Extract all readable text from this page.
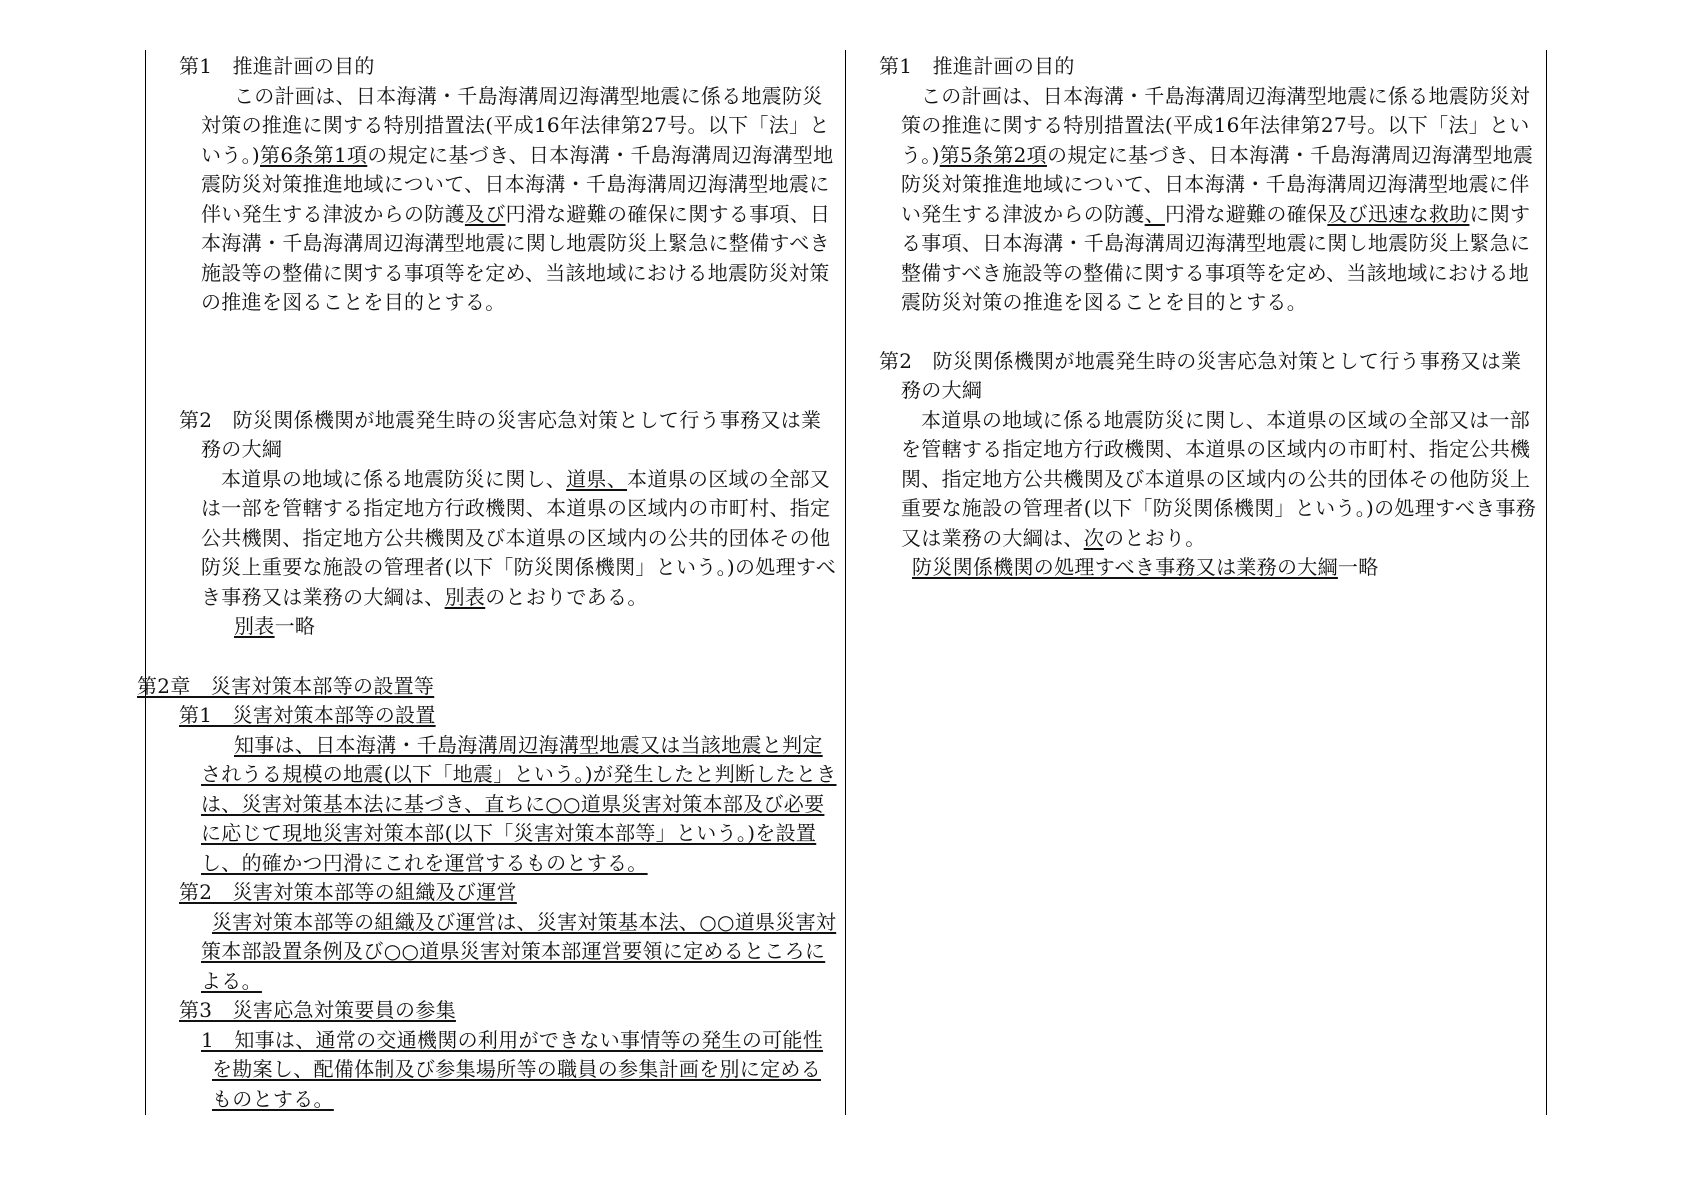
第1　推進計画の目的
この計画は、日本海溝・千島海溝周辺海溝型地震に係る地震防災対策の推進に関する特別措置法(平成16年法律第27号。以下「法」という。)第6条第1項の規定に基づき、日本海溝・千島海溝周辺海溝型地震防災対策推進地域について、日本海溝・千島海溝周辺海溝型地震に伴い発生する津波からの防護及び円滑な避難の確保に関する事項、日本海溝・千島海溝周辺海溝型地震に関し地震防災上緊急に整備すべき施設等の整備に関する事項等を定め、当該地域における地震防災対策の推進を図ることを目的とする。
第2　防災関係機関が地震発生時の災害応急対策として行う事務又は業務の大綱
本道県の地域に係る地震防災に関し、道県、本道県の区域の全部又は一部を管轄する指定地方行政機関、本道県の区域内の市町村、指定公共機関、指定地方公共機関及び本道県の区域内の公共的団体その他防災上重要な施設の管理者(以下「防災関係機関」という。)の処理すべき事務又は業務の大綱は、別表のとおりである。
別表一略
第2章　災害対策本部等の設置等
第1　災害対策本部等の設置
知事は、日本海溝・千島海溝周辺海溝型地震又は当該地震と判定されうる規模の地震(以下「地震」という。)が発生したと判断したときは、災害対策基本法に基づき、直ちに○○道県災害対策本部及び必要に応じて現地災害対策本部(以下「災害対策本部等」という。)を設置し、的確かつ円滑にこれを運営するものとする。
第2　災害対策本部等の組織及び運営
災害対策本部等の組織及び運営は、災害対策基本法、○○道県災害対策本部設置条例及び○○道県災害対策本部運営要領に定めるところによる。
第3　災害応急対策要員の参集
1　知事は、通常の交通機関の利用ができない事情等の発生の可能性を勘案し、配備体制及び参集場所等の職員の参集計画を別に定めるものとする。
第1　推進計画の目的
この計画は、日本海溝・千島海溝周辺海溝型地震に係る地震防災対策の推進に関する特別措置法(平成16年法律第27号。以下「法」という。)第5条第2項の規定に基づき、日本海溝・千島海溝周辺海溝型地震防災対策推進地域について、日本海溝・千島海溝周辺海溝型地震に伴い発生する津波からの防護、円滑な避難の確保及び迅速な救助に関する事項、日本海溝・千島海溝周辺海溝型地震に関し地震防災上緊急に整備すべき施設等の整備に関する事項等を定め、当該地域における地震防災対策の推進を図ることを目的とする。
第2　防災関係機関が地震発生時の災害応急対策として行う事務又は業務の大綱
本道県の地域に係る地震防災に関し、本道県の区域の全部又は一部を管轄する指定地方行政機関、本道県の区域内の市町村、指定公共機関、指定地方公共機関及び本道県の区域内の公共的団体その他防災上重要な施設の管理者(以下「防災関係機関」という。)の処理すべき事務又は業務の大綱は、次のとおり。
防災関係機関の処理すべき事務又は業務の大綱一略
